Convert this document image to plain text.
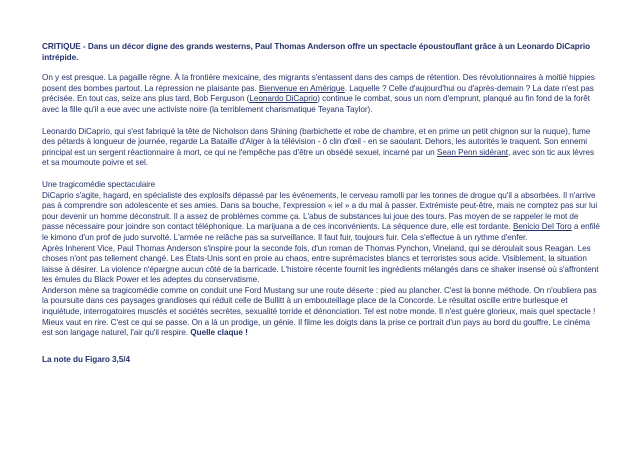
CRITIQUE - Dans un décor digne des grands westerns, Paul Thomas Anderson offre un spectacle époustouflant grâce à un Leonardo DiCaprio intrépide.

On y est presque. La pagaille règne. À la frontière mexicaine, des migrants s'entassent dans des camps de rétention. Des révolutionnaires à moitié hippies posent des bombes partout. La répression ne plaisante pas. Bienvenue en Amérique. Laquelle ? Celle d'aujourd'hui ou d'après-demain ? La date n'est pas précisée. En tout cas, seize ans plus tard, Bob Ferguson (Leonardo DiCaprio) continue le combat, sous un nom d'emprunt, planqué au fin fond de la forêt avec la fille qu'il a eue avec une activiste noire (la terriblement charismatique Teyana Taylor).

Leonardo DiCaprio, qui s'est fabriqué la tête de Nicholson dans Shining (barbichette et robe de chambre, et en prime un petit chignon sur la nuque), fume des pétards à longueur de journée, regarde La Bataille d'Alger à la télévision - ô clin d'œil - en se saoulant. Dehors, les autorités le traquent. Son ennemi principal est un sergent réactionnaire à mort, ce qui ne l'empêche pas d'être un obsédé sexuel, incarné par un Sean Penn sidérant, avec son tic aux lèvres et sa moumoute poivre et sel.

Une tragicomédie spectaculaire

DiCaprio s'agite, hagard, en spécialiste des explosifs dépassé par les événements, le cerveau ramolli par les tonnes de drogue qu'il a absorbées. Il n'arrive pas à comprendre son adolescente et ses amies. Dans sa bouche, l'expression « iel » a du mal à passer. Extrémiste peut-être, mais ne comptez pas sur lui pour devenir un homme déconstruit. Il a assez de problèmes comme ça. L'abus de substances lui joue des tours. Pas moyen de se rappeler le mot de passe nécessaire pour joindre son contact téléphonique. La marijuana a de ces inconvénients. La séquence dure, elle est tordante. Benicio Del Toro a enfilé le kimono d'un prof de judo survolté. L'armée ne relâche pas sa surveillance. Il faut fuir, toujours fuir. Cela s'effectue à un rythme d'enfer.
Après Inherent Vice, Paul Thomas Anderson s'inspire pour la seconde fois, d'un roman de Thomas Pynchon, Vineland, qui se déroulait sous Reagan. Les choses n'ont pas tellement changé. Les États-Unis sont en proie au chaos, entre suprémacistes blancs et terroristes sous acide. Visiblement, la situation laisse à désirer. La violence n'épargne aucun côté de la barricade. L'histoire récente fournit les ingrédients mélangés dans ce shaker insensé où s'affrontent les émules du Black Power et les adeptes du conservatisme.
Anderson mène sa tragicomédie comme on conduit une Ford Mustang sur une route déserte : pied au plancher. C'est la bonne méthode. On n'oubliera pas la poursuite dans ces paysages grandioses qui réduit celle de Bullitt à un embouteillage place de la Concorde. Le résultat oscille entre burlesque et inquiétude, interrogatoires musclés et sociétés secrètes, sexualité torride et dénonciation. Tel est notre monde. Il n'est guère glorieux, mais quel spectacle ! Mieux vaut en rire. C'est ce qui se passe. On a là un prodige, un génie. Il filme les doigts dans la prise ce portrait d'un pays au bord du gouffre. Le cinéma est son langage naturel, l'air qu'il respire. Quelle claque !

La note du Figaro 3,5/4
